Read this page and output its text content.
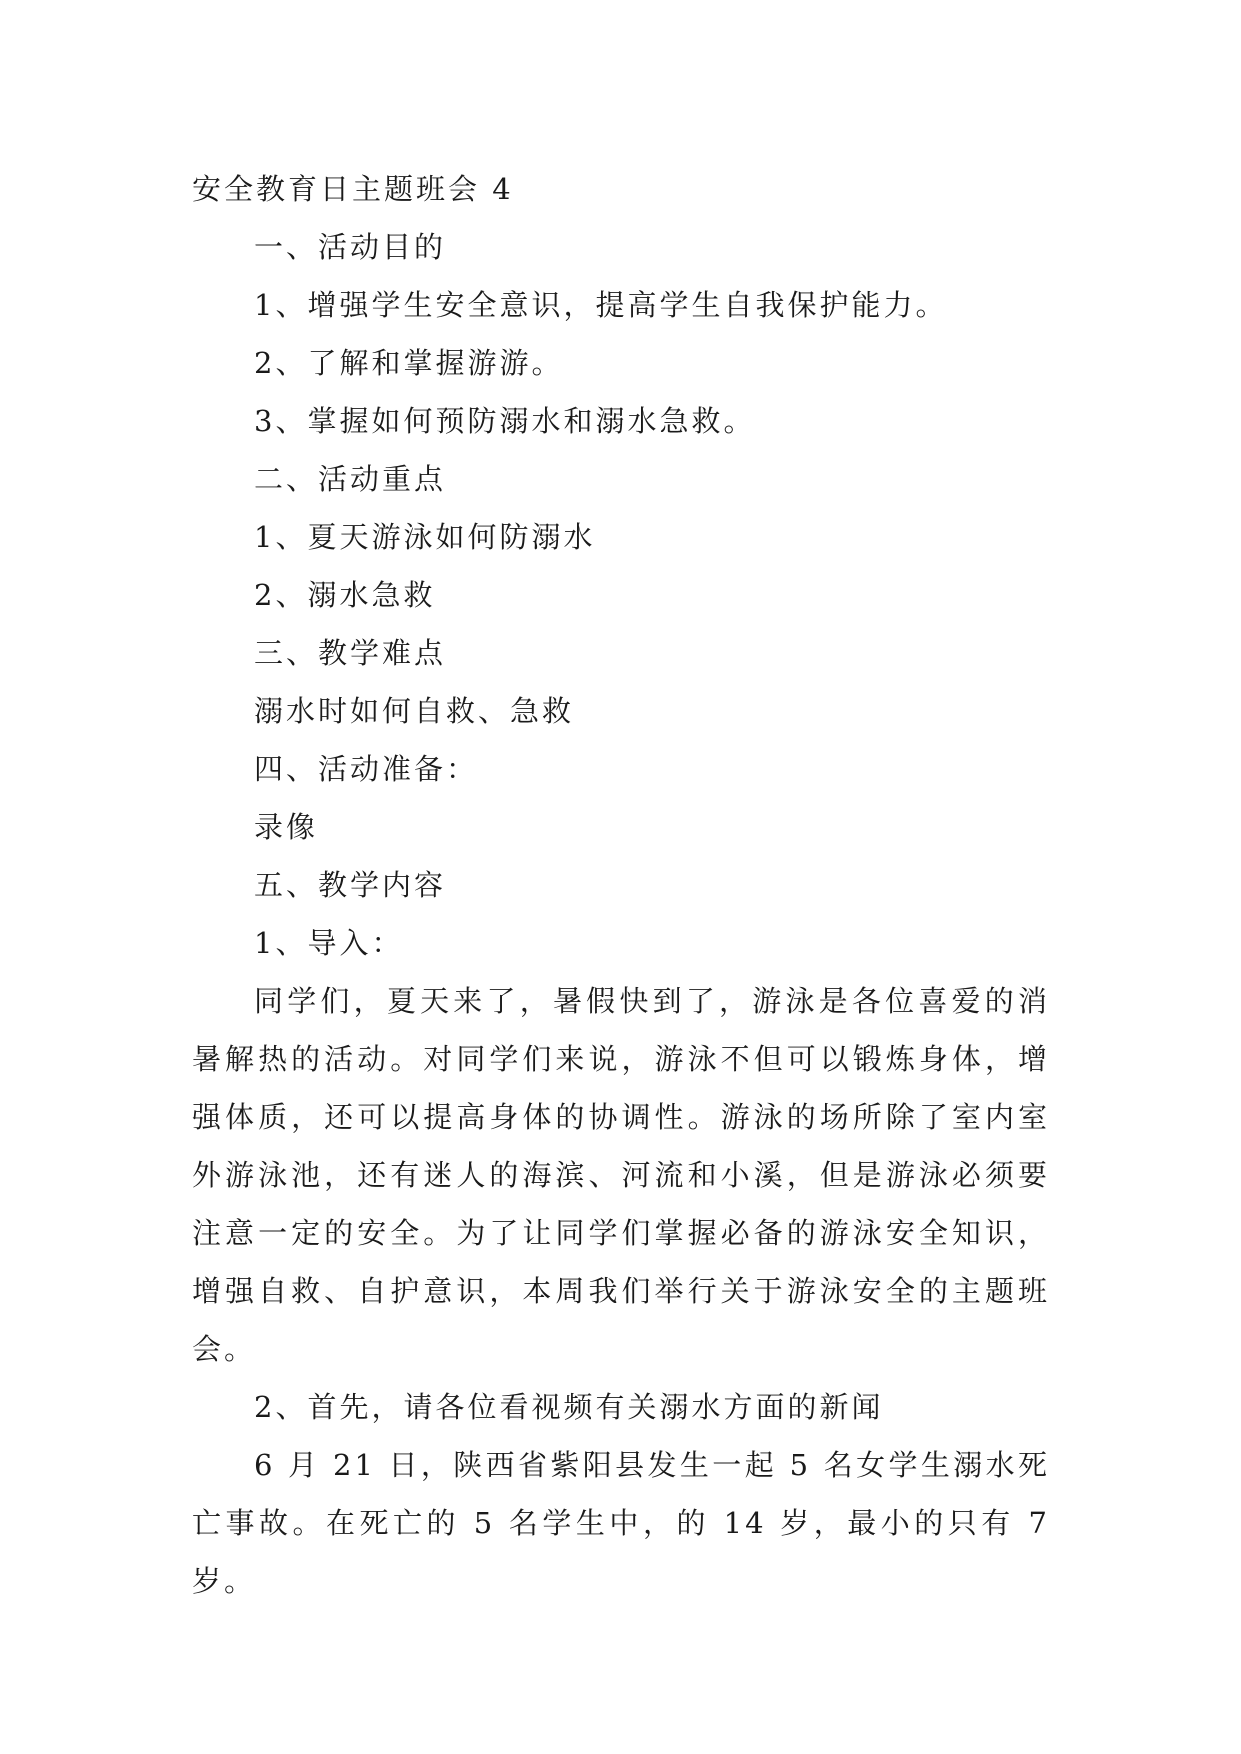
安全教育日主题班会 4
一、活动目的
1、增强学生安全意识，提高学生自我保护能力。
2、了解和掌握游游。
3、掌握如何预防溺水和溺水急救。
二、活动重点
1、夏天游泳如何防溺水
2、溺水急救
三、教学难点
溺水时如何自救、急救
四、活动准备：
录像
五、教学内容
1、导入：

同学们，夏天来了，暑假快到了，游泳是各位喜爱的消暑解热的活动。对同学们来说，游泳不但可以锻炼身体，增强体质，还可以提高身体的协调性。游泳的场所除了室内室外游泳池，还有迷人的海滨、河流和小溪，但是游泳必须要注意一定的安全。为了让同学们掌握必备的游泳安全知识，增强自救、自护意识，本周我们举行关于游泳安全的主题班会。

2、首先，请各位看视频有关溺水方面的新闻

6 月 21 日，陕西省紫阳县发生一起 5 名女学生溺水死亡事故。在死亡的 5 名学生中，的 14 岁，最小的只有 7 岁。
